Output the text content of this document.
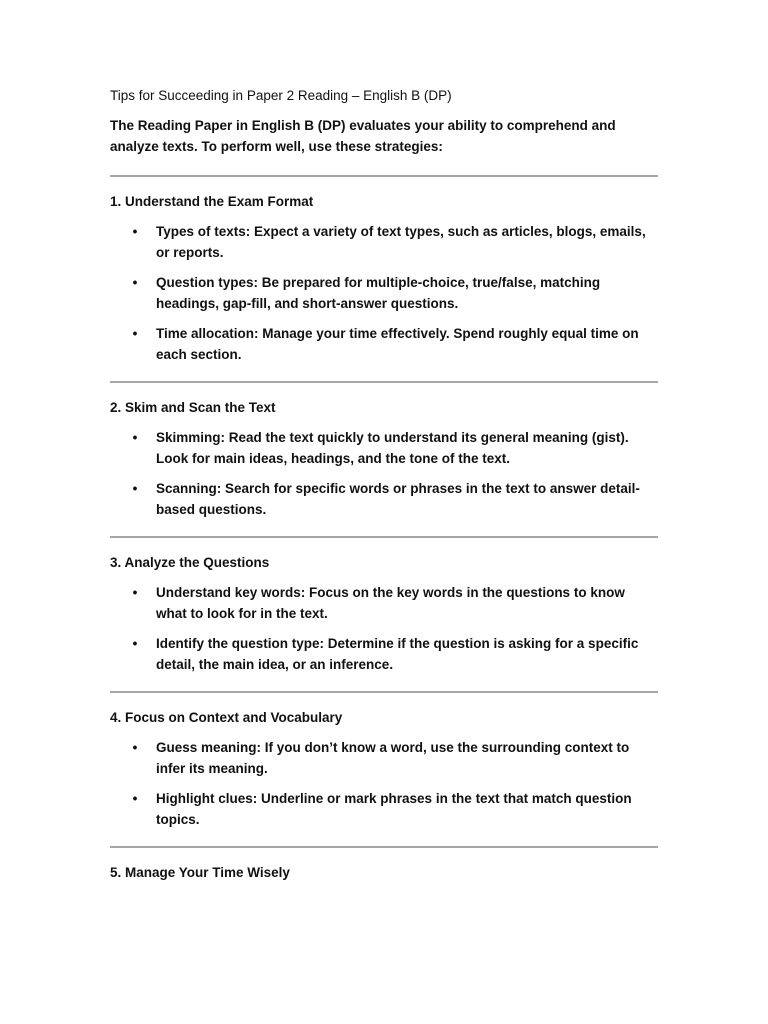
Tips for Succeeding in Paper 2 Reading – English B (DP)
The Reading Paper in English B (DP) evaluates your ability to comprehend and analyze texts. To perform well, use these strategies:
1. Understand the Exam Format
• Types of texts: Expect a variety of text types, such as articles, blogs, emails, or reports.
• Question types: Be prepared for multiple-choice, true/false, matching headings, gap-fill, and short-answer questions.
• Time allocation: Manage your time effectively. Spend roughly equal time on each section.
2. Skim and Scan the Text
• Skimming: Read the text quickly to understand its general meaning (gist). Look for main ideas, headings, and the tone of the text.
• Scanning: Search for specific words or phrases in the text to answer detail-based questions.
3. Analyze the Questions
• Understand key words: Focus on the key words in the questions to know what to look for in the text.
• Identify the question type: Determine if the question is asking for a specific detail, the main idea, or an inference.
4. Focus on Context and Vocabulary
• Guess meaning: If you don’t know a word, use the surrounding context to infer its meaning.
• Highlight clues: Underline or mark phrases in the text that match question topics.
5. Manage Your Time Wisely
